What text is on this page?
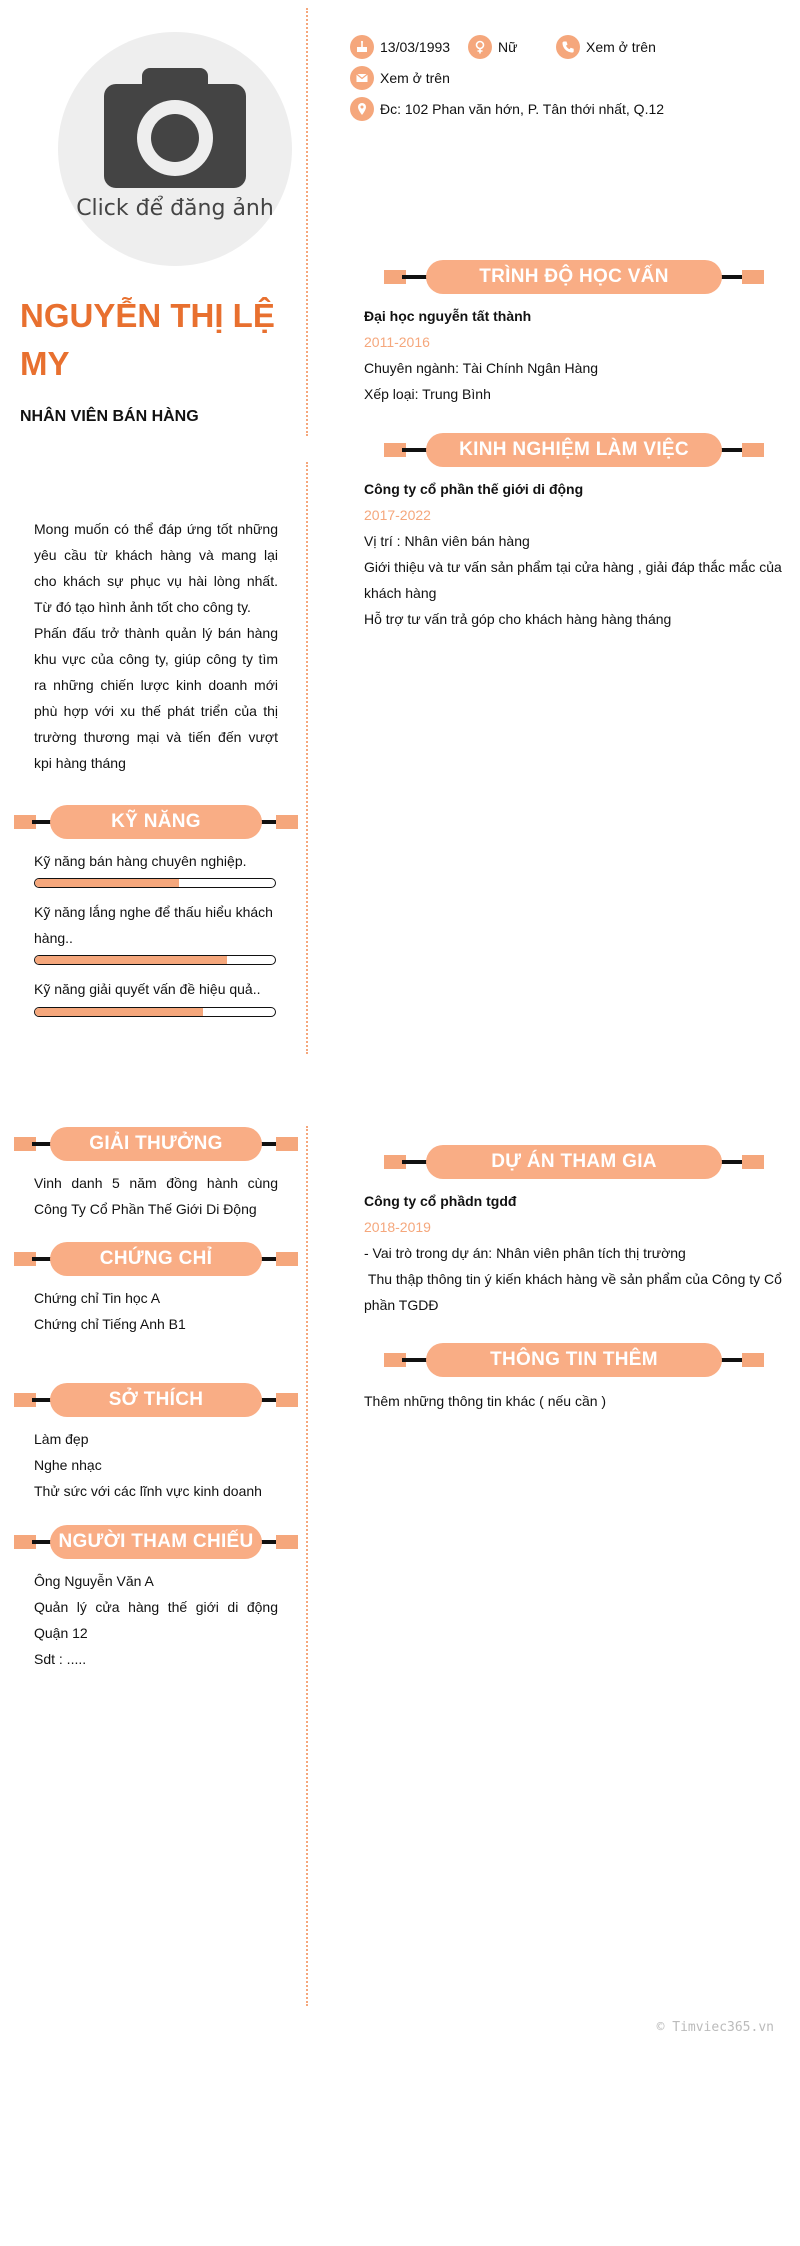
Click để đăng ảnh
NGUYỄN THỊ LỆ MY
NHÂN VIÊN BÁN HÀNG
13/03/1993	Nữ	Xem ở trên
Xem ở trên
Đc: 102 Phan văn hớn, P. Tân thới nhất, Q.12
Mong muốn có thể đáp ứng tốt những yêu cầu từ khách hàng và mang lại cho khách sự phục vụ hài lòng nhất. Từ đó tạo hình ảnh tốt cho công ty.
Phấn đấu trở thành quản lý bán hàng khu vực của công ty, giúp công ty tìm ra những chiến lược kinh doanh mới phù hợp với xu thế phát triển của thị trường thương mại và tiến đến vượt kpi hàng tháng
KỸ NĂNG
Kỹ năng bán hàng chuyên nghiệp.
Kỹ năng lắng nghe để thấu hiểu khách hàng..
Kỹ năng giải quyết vấn đề hiệu quả..
GIẢI THƯỞNG
Vinh danh 5 năm đồng hành cùng Công Ty Cổ Phần Thế Giới Di Động
CHỨNG CHỈ
Chứng chỉ Tin học A
Chứng chỉ Tiếng Anh B1
SỞ THÍCH
Làm đẹp
Nghe nhạc
Thử sức với các lĩnh vực kinh doanh
NGƯỜI THAM CHIẾU
Ông Nguyễn Văn A
Quản lý cửa hàng thế giới di động Quận 12
Sdt : .....
TRÌNH ĐỘ HỌC VẤN
Đại học nguyễn tất thành
2011-2016
Chuyên ngành: Tài Chính Ngân Hàng
Xếp loại: Trung Bình
KINH NGHIỆM LÀM VIỆC
Công ty cổ phần thế giới di động
2017-2022
Vị trí : Nhân viên bán hàng
Giới thiệu và tư vấn sản phẩm tại cửa hàng , giải đáp thắc mắc của khách hàng
Hỗ trợ tư vấn trả góp cho khách hàng hàng tháng
DỰ ÁN THAM GIA
Công ty cổ phầdn tgdđ
2018-2019
- Vai trò trong dự án: Nhân viên phân tích thị trường
Thu thập thông tin ý kiến khách hàng về sản phẩm của Công ty Cổ phần TGDĐ
THÔNG TIN THÊM
Thêm những thông tin khác ( nếu cần )
© Timviec365.vn
